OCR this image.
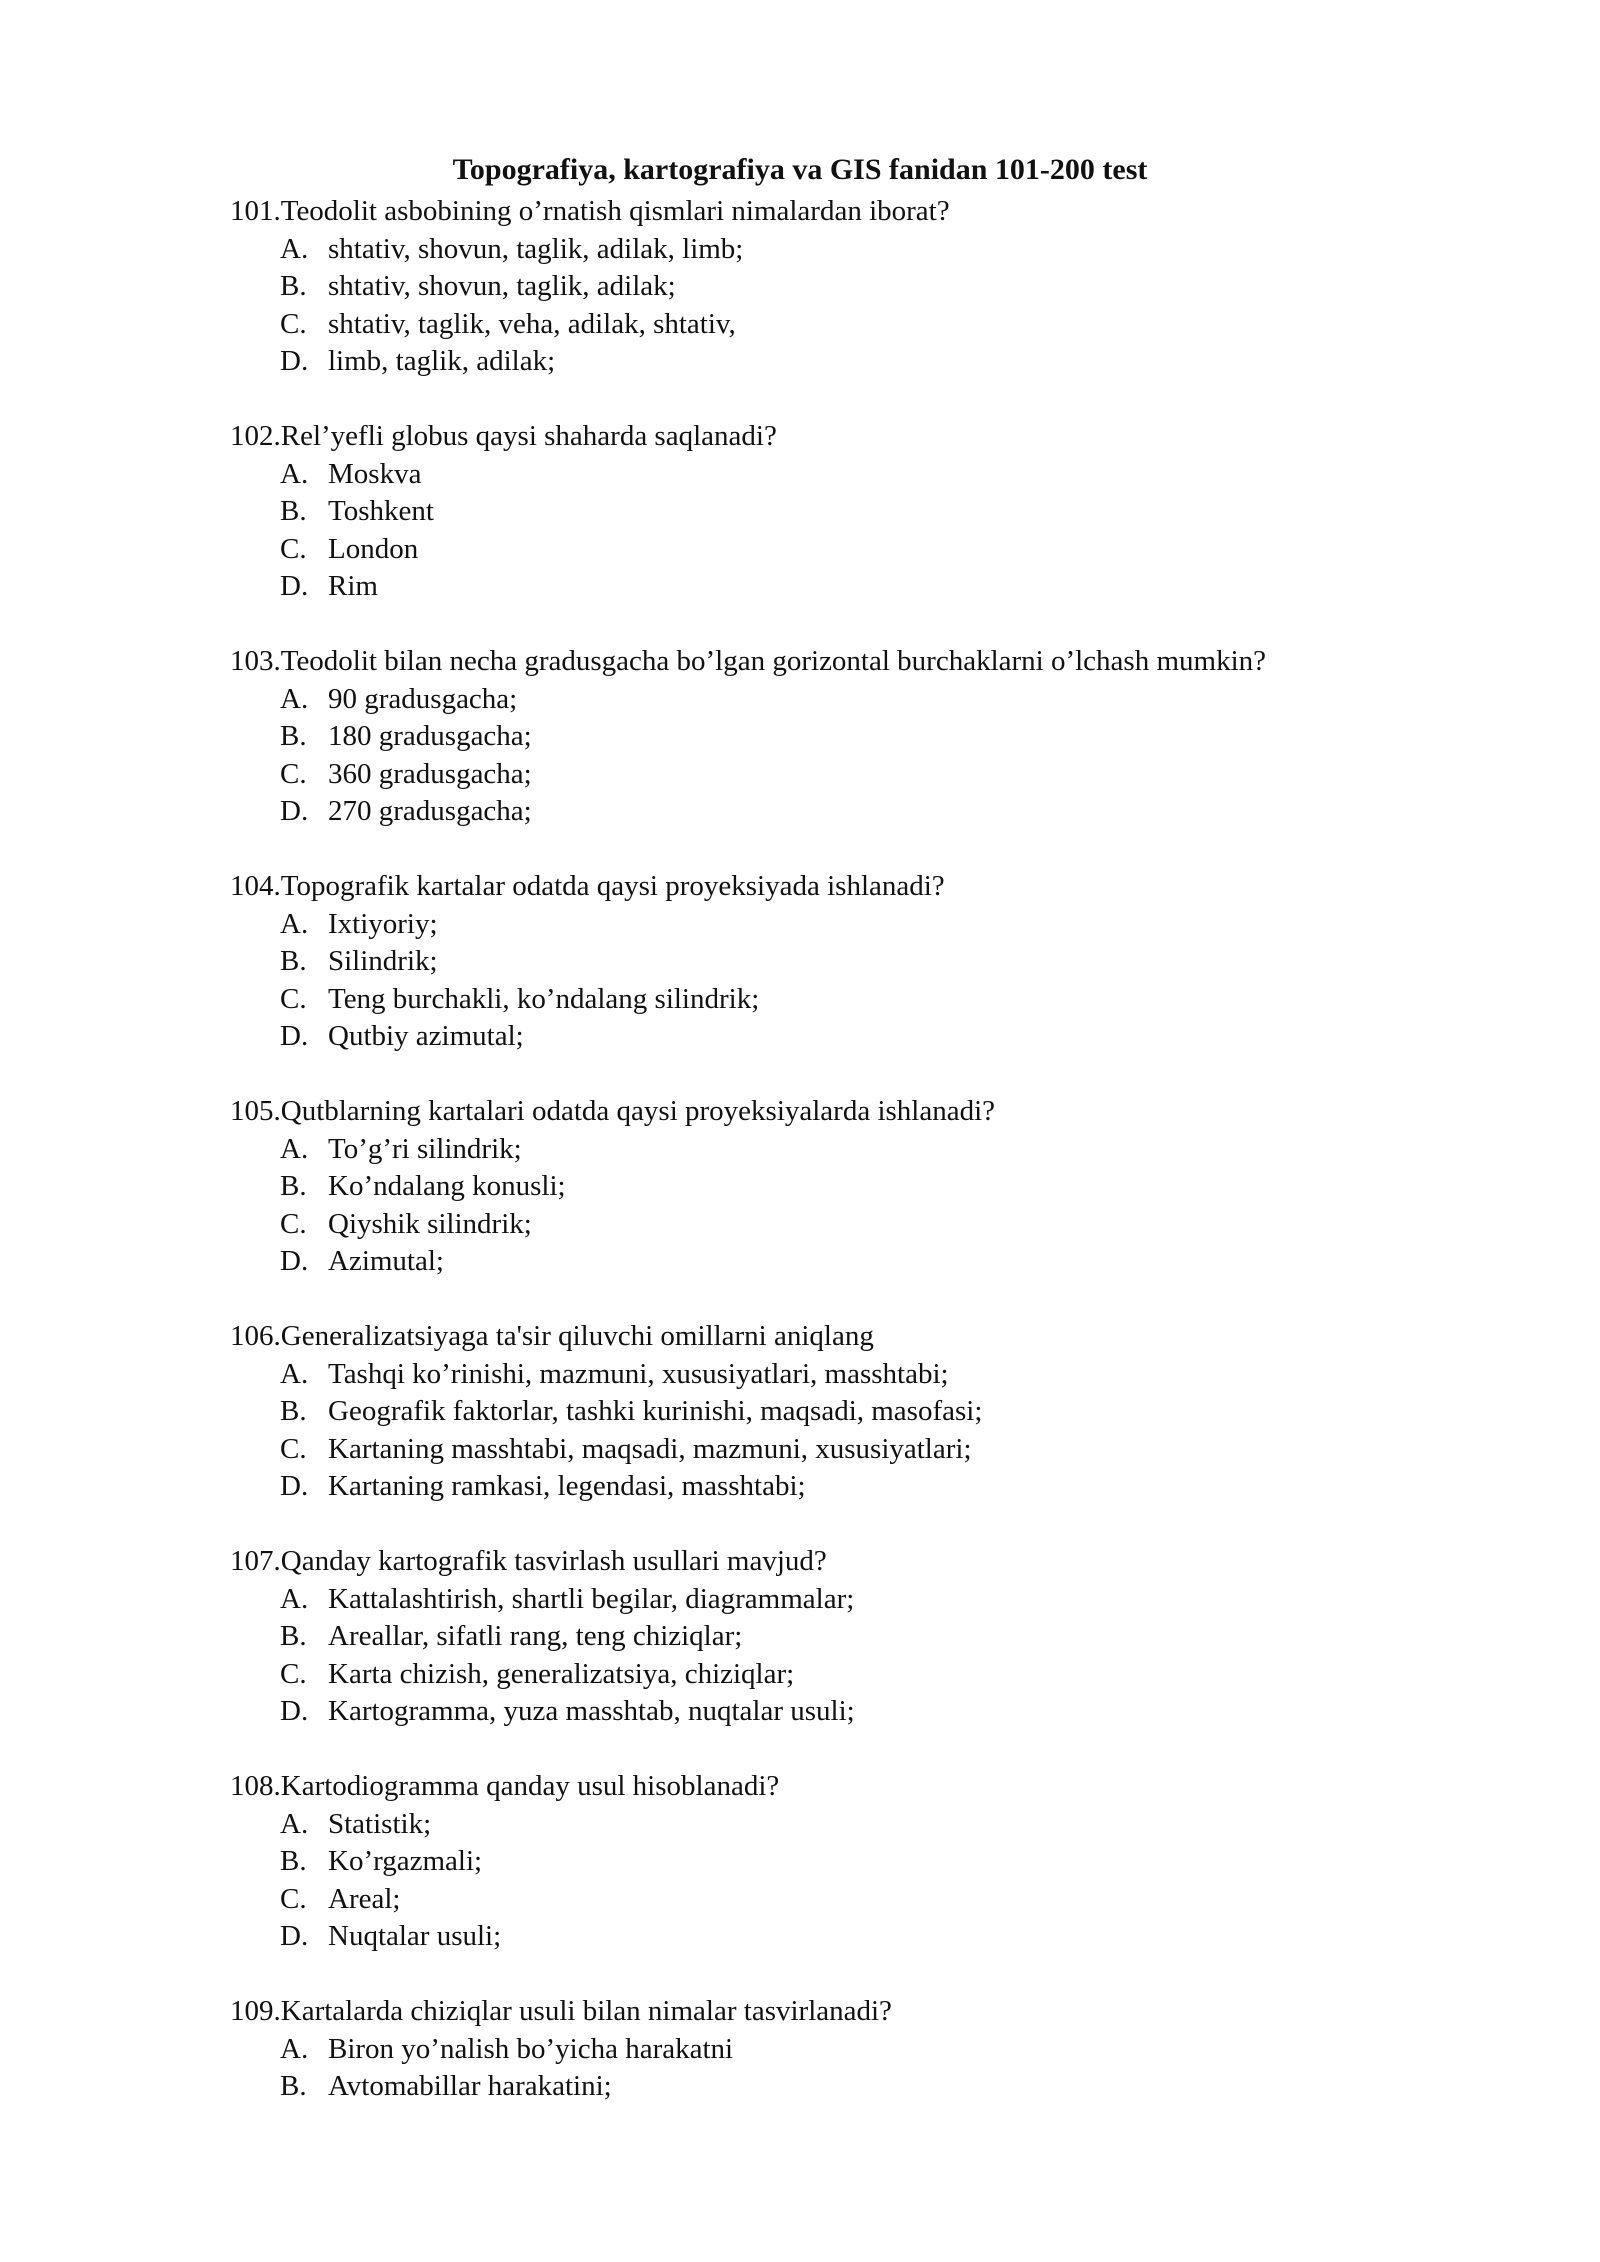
Topografiya, kartografiya va GIS fanidan 101-200 test
101.Teodolit asbobining o’rnatish qismlari nimalardan iborat?
A. shtativ, shovun, taglik, adilak, limb;
B. shtativ, shovun, taglik, adilak;
C. shtativ, taglik, veha, adilak, shtativ,
D. limb, taglik, adilak;
102.Rel’yefli globus qaysi shaharda saqlanadi?
A. Moskva
B. Toshkent
C. London
D. Rim
103.Teodolit bilan necha gradusgacha bo’lgan gorizontal burchaklarni o’lchash mumkin?
A. 90 gradusgacha;
B. 180 gradusgacha;
C. 360 gradusgacha;
D. 270 gradusgacha;
104.Topografik kartalar odatda qaysi proyeksiyada ishlanadi?
A. Ixtiyoriy;
B. Silindrik;
C. Teng burchakli, ko’ndalang silindrik;
D. Qutbiy azimutal;
105.Qutblarning kartalari odatda qaysi proyeksiyalarda ishlanadi?
A. To’g’ri silindrik;
B. Ko’ndalang konusli;
C. Qiyshik silindrik;
D. Azimutal;
106.Generalizatsiyaga ta'sir qiluvchi omillarni aniqlang
A. Tashqi ko’rinishi, mazmuni, xususiyatlari, masshtabi;
B. Geografik faktorlar, tashki kurinishi, maqsadi, masofasi;
C. Kartaning masshtabi, maqsadi, mazmuni, xususiyatlari;
D. Kartaning ramkasi, legendasi, masshtabi;
107.Qanday kartografik tasvirlash usullari mavjud?
A. Kattalashtirish, shartli begilar, diagrammalar;
B. Areallar, sifatli rang, teng chiziqlar;
C. Karta chizish, generalizatsiya, chiziqlar;
D. Kartogramma, yuza masshtab, nuqtalar usuli;
108.Kartodiogramma qanday usul hisoblanadi?
A. Statistik;
B. Ko’rgazmali;
C. Areal;
D. Nuqtalar usuli;
109.Kartalarda chiziqlar usuli bilan nimalar tasvirlanadi?
A. Biron yo’nalish bo’yicha harakatni
B. Avtomabillar harakatini;
